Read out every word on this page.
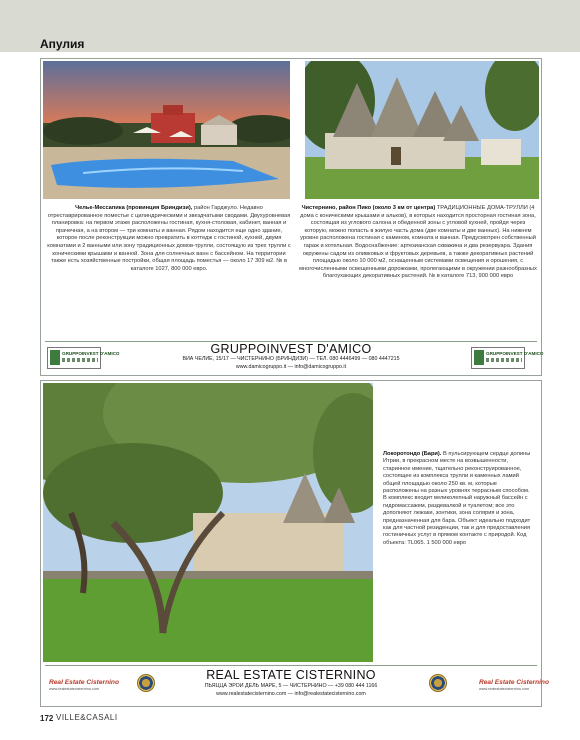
Апулия
Челье-Мессапика (провинция Бриндизи), район Гарджуло. Недавно отреставрированное поместье с цилиндрическими и звездчатыми сводами. Двухуровневая планировка: на первом этаже расположены гостиная, кухня-столовая, кабинет, ванная и прачечная, а на втором — три комнаты и ванная. Рядом находится еще одно здание, которое после реконструкции можно превратить в коттедж с гостиной, кухней, двумя комнатами и 2 ванными или зону традиционных домов-трулли, состоящую из трех трулли с коническими крышами и ванной. Зона для солнечных ванн с бассейном. На территории также есть хозяйственные постройки, общая площадь поместья — около 17 309 м2. № в каталоге 1027, 800 000 евро.
Чистернино, район Пико (около 3 км от центра) ТРАДИЦИОННЫЕ ДОМА-ТРУЛЛИ (4 дома с коническими крышами и альков), в которых находится просторная гостиная зона, состоящая из углового салона и обеденной зоны с угловой кухней, пройдя через которую, можно попасть в жилую часть дома (две комнаты и две ванных). На нижнем уровне расположена гостиная с камином, комната и ванная. Предусмотрен собственный гараж и котельная. Водоснабжение: артезианская скважина и два резервуара. Здания окружены садом из оливковых и фруктовых деревьев, а также декоративных растений площадью около 10 000 м2, оснащенным системами освещения и орошения, с многочисленными освещенными дорожками, пролегающими в окружении разнообразных благоухающих декоративных растений. № в каталоге 713, 900 000 евро
GRUPPOINVEST D'AMICO	GRUPPOINVEST D'AMICO
GRUPPOINVEST D'AMICO
ВИА ЧЕЛИЕ, 15/17 — ЧИСТЕРНИНО (БРИНДИЗИ) — ТЕЛ. 080 4446499 — 080 4447215
www.damicogruppo.it — info@damicogruppo.it
Локоротондо (Бари). В пульсирующем сердце долины Итрии, в прекрасном месте на возвышенности, старинное имение, тщательно реконструированное, состоящее из комплекса трулли и каменных ламий общей площадью около 250 кв. м, которые расположены на разных уровнях террасным способом. В комплекс входит великолепный наружный бассейн с гидромассажем, раздевалкой и туалетом; все это дополняют лежаки, зонтики, зона солярия и зона, предназначенная для бара. Объект идеально подходит как для частной резиденции, так и для предоставления гостиничных услуг в прямом контакте с природой. Код объекта: TL065. 1 500 000 евро
Real Estate Cisternino
www.realestatecisternino.com
Real Estate Cisternino
www.realestatecisternino.com
REAL ESTATE CISTERNINO
ПЬЯЦЦА ЭРОИ ДЕЛЬ МАРЕ, 5 — ЧИСТЕРНИНО — +39 080 444 1166
www.realestatecisternino.com — info@realestatecisternino.com
172 VILLE&CASALI
